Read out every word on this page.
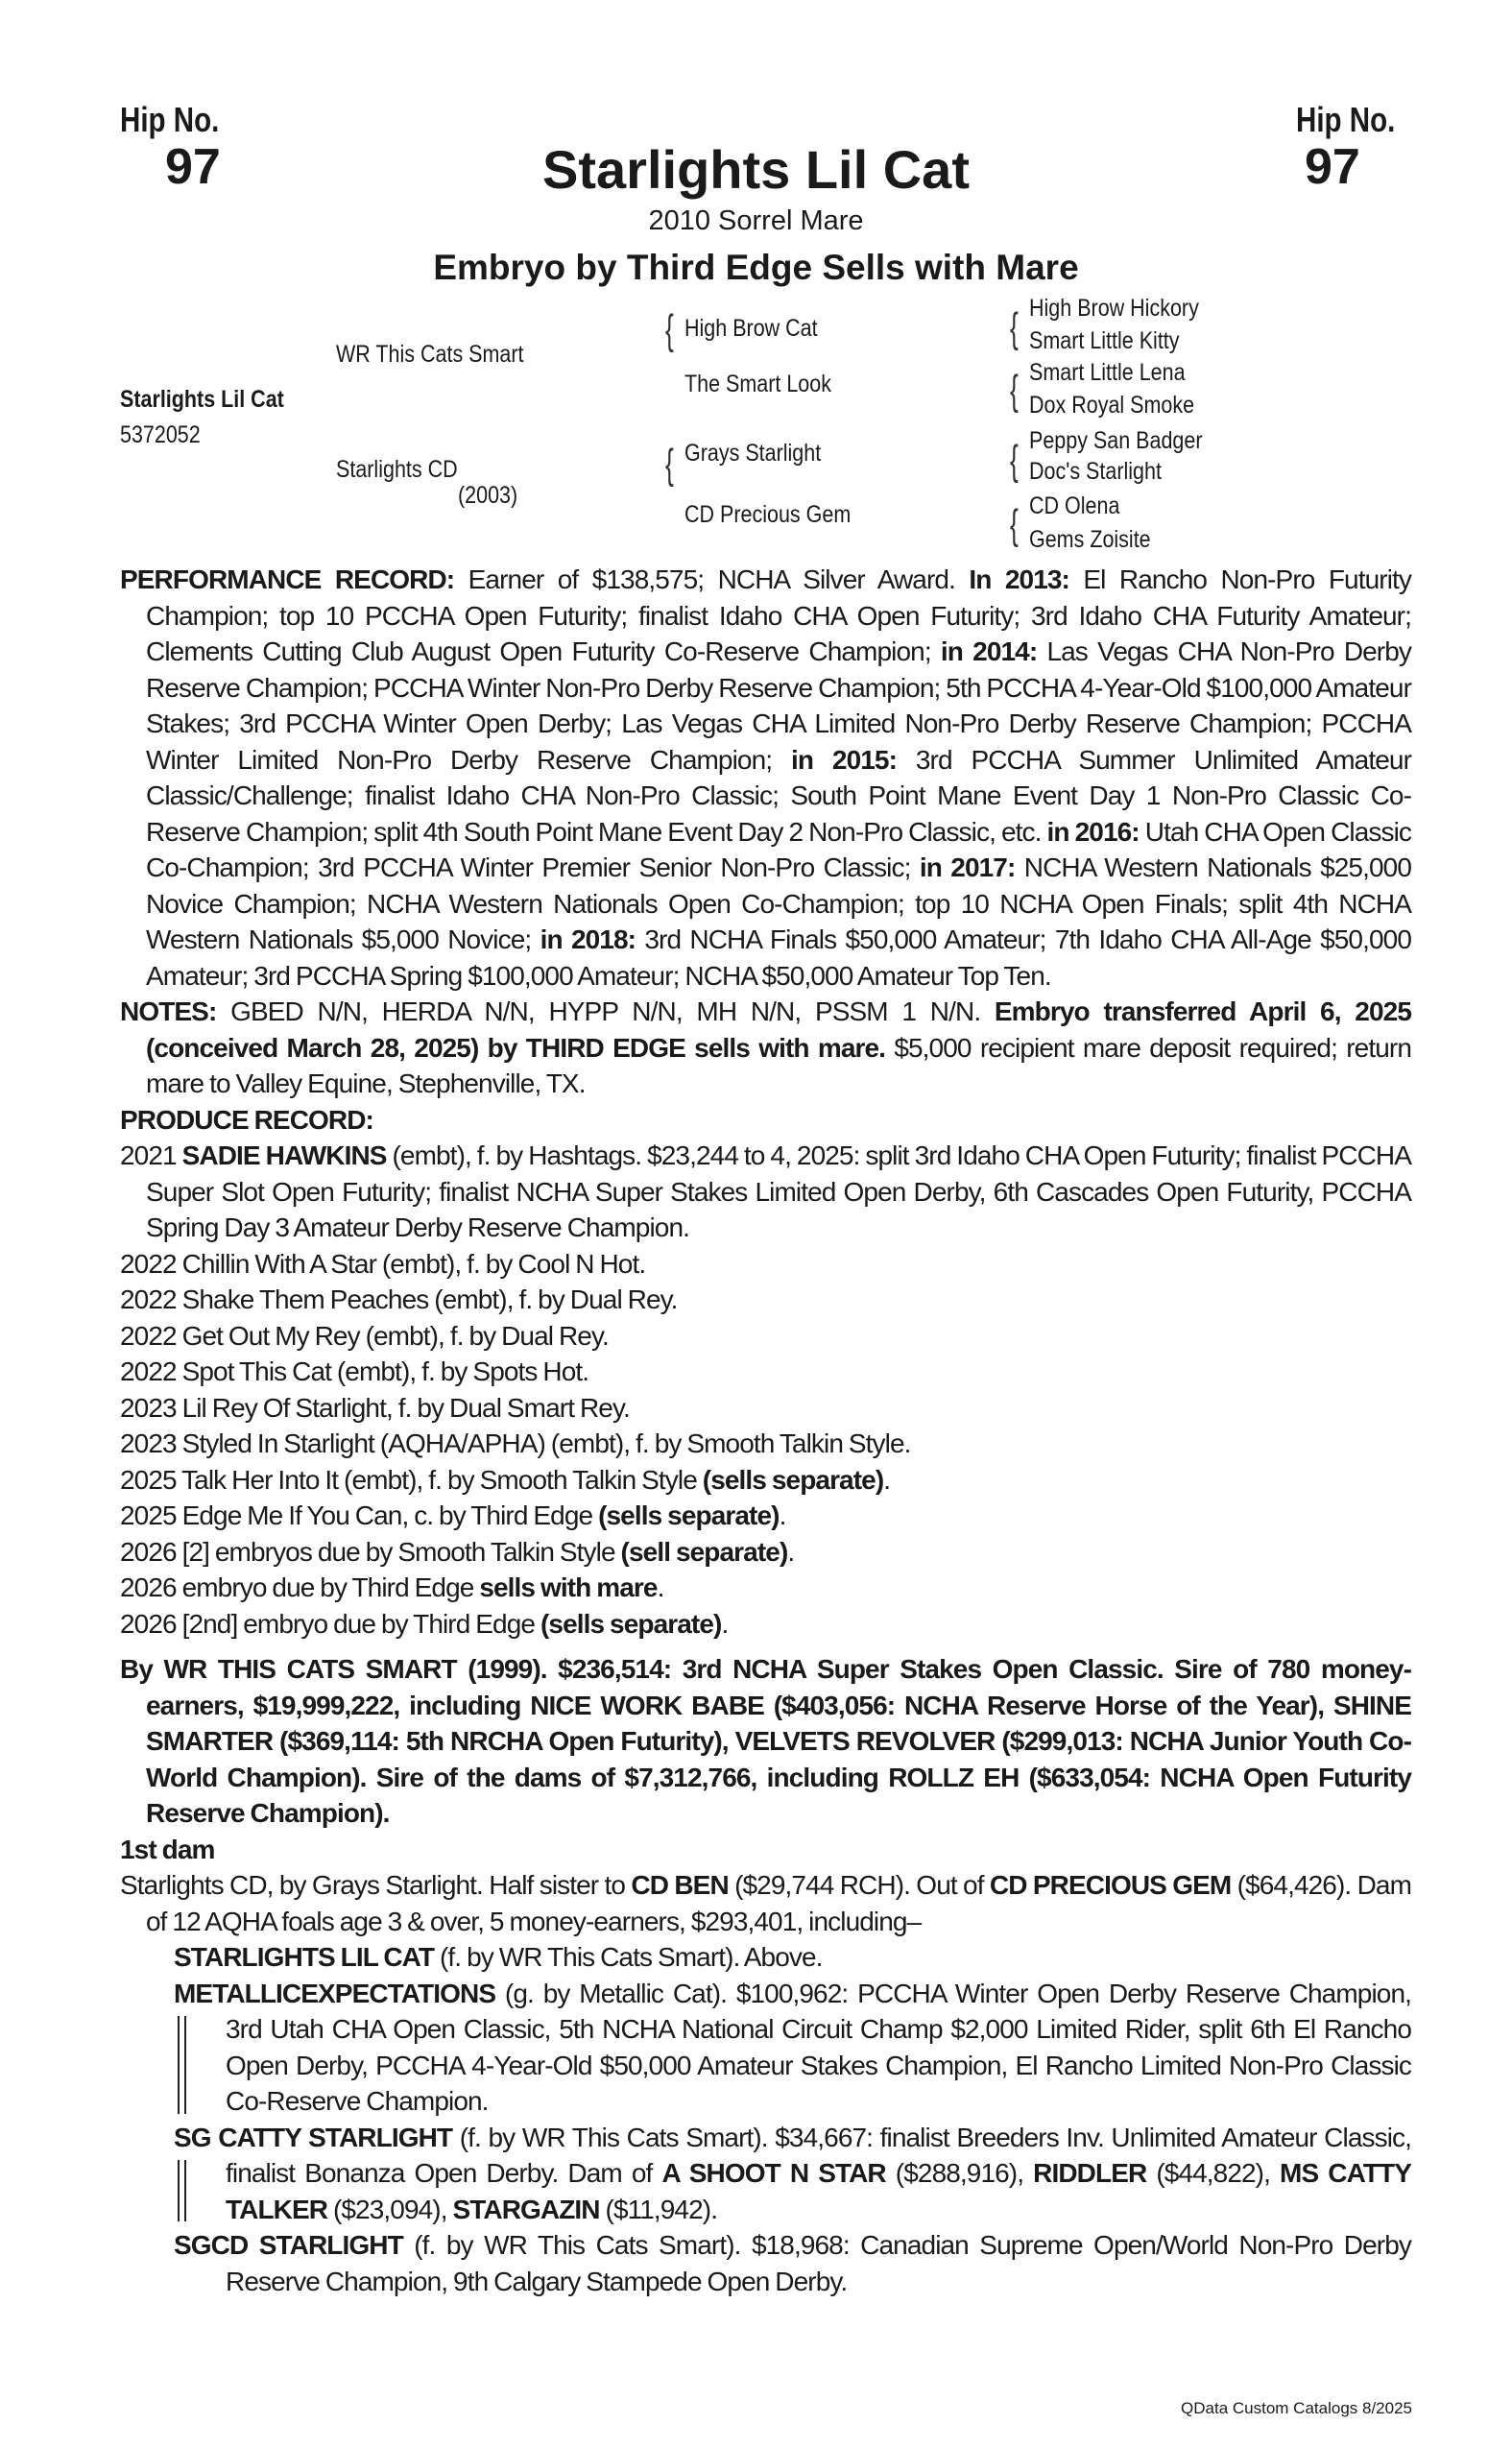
Hip No.
97
Hip No.
97
Starlights Lil Cat
2010 Sorrel Mare
Embryo by Third Edge Sells with Mare
WR This Cats Smart
Starlights Lil Cat
5372052
Starlights CD
(2003)
{ High Brow Cat
The Smart Look
{ Grays Starlight
CD Precious Gem
{ High Brow Hickory
Smart Little Kitty
{ Smart Little Lena
Dox Royal Smoke
{ Peppy San Badger
Doc's Starlight
{ CD Olena
Gems Zoisite

PERFORMANCE RECORD: Earner of $138,575; NCHA Silver Award. In 2013: El Rancho Non-Pro Futurity Champion; top 10 PCCHA Open Futurity; finalist Idaho CHA Open Futurity; 3rd Idaho CHA Futurity Amateur; Clements Cutting Club August Open Futurity Co-Reserve Champion; in 2014: Las Vegas CHA Non-Pro Derby Reserve Champion; PCCHA Winter Non-Pro Derby Reserve Champion; 5th PCCHA 4-Year-Old $100,000 Amateur Stakes; 3rd PCCHA Winter Open Derby; Las Vegas CHA Limited Non-Pro Derby Reserve Champion; PCCHA Winter Limited Non-Pro Derby Reserve Champion; in 2015: 3rd PCCHA Summer Unlimited Amateur Classic/Challenge; finalist Idaho CHA Non-Pro Classic; South Point Mane Event Day 1 Non-Pro Classic Co-Reserve Champion; split 4th South Point Mane Event Day 2 Non-Pro Classic, etc. in 2016: Utah CHA Open Classic Co-Champion; 3rd PCCHA Winter Premier Senior Non-Pro Classic; in 2017: NCHA Western Nationals $25,000 Novice Champion; NCHA Western Nationals Open Co-Champion; top 10 NCHA Open Finals; split 4th NCHA Western Nationals $5,000 Novice; in 2018: 3rd NCHA Finals $50,000 Amateur; 7th Idaho CHA All-Age $50,000 Amateur; 3rd PCCHA Spring $100,000 Amateur; NCHA $50,000 Amateur Top Ten.

NOTES: GBED N/N, HERDA N/N, HYPP N/N, MH N/N, PSSM 1 N/N. Embryo transferred April 6, 2025 (conceived March 28, 2025) by THIRD EDGE sells with mare. $5,000 recipient mare deposit required; return mare to Valley Equine, Stephenville, TX.

PRODUCE RECORD:

2021 SADIE HAWKINS (embt), f. by Hashtags. $23,244 to 4, 2025: split 3rd Idaho CHA Open Futurity; finalist PCCHA Super Slot Open Futurity; finalist NCHA Super Stakes Limited Open Derby, 6th Cascades Open Futurity, PCCHA Spring Day 3 Amateur Derby Reserve Champion.

2022 Chillin With A Star (embt), f. by Cool N Hot.

2022 Shake Them Peaches (embt), f. by Dual Rey.

2022 Get Out My Rey (embt), f. by Dual Rey.

2022 Spot This Cat (embt), f. by Spots Hot.

2023 Lil Rey Of Starlight, f. by Dual Smart Rey.

2023 Styled In Starlight (AQHA/APHA) (embt), f. by Smooth Talkin Style.

2025 Talk Her Into It (embt), f. by Smooth Talkin Style (sells separate).

2025 Edge Me If You Can, c. by Third Edge (sells separate).

2026 [2] embryos due by Smooth Talkin Style (sell separate).

2026 embryo due by Third Edge sells with mare.

2026 [2nd] embryo due by Third Edge (sells separate).

By WR THIS CATS SMART (1999). $236,514: 3rd NCHA Super Stakes Open Classic. Sire of 780 money-earners, $19,999,222, including NICE WORK BABE ($403,056: NCHA Reserve Horse of the Year), SHINE SMARTER ($369,114: 5th NRCHA Open Futurity), VELVETS REVOLVER ($299,013: NCHA Junior Youth Co-World Champion). Sire of the dams of $7,312,766, including ROLLZ EH ($633,054: NCHA Open Futurity Reserve Champion).

1st dam

Starlights CD, by Grays Starlight. Half sister to CD BEN ($29,744 RCH). Out of CD PRECIOUS GEM ($64,426). Dam of 12 AQHA foals age 3 & over, 5 money-earners, $293,401, including–

STARLIGHTS LIL CAT (f. by WR This Cats Smart). Above.

METALLICEXPECTATIONS (g. by Metallic Cat). $100,962: PCCHA Winter Open Derby Reserve Champion, 3rd Utah CHA Open Classic, 5th NCHA National Circuit Champ $2,000 Limited Rider, split 6th El Rancho Open Derby, PCCHA 4-Year-Old $50,000 Amateur Stakes Champion, El Rancho Limited Non-Pro Classic Co-Reserve Champion.

SG CATTY STARLIGHT (f. by WR This Cats Smart). $34,667: finalist Breeders Inv. Unlimited Amateur Classic, finalist Bonanza Open Derby. Dam of A SHOOT N STAR ($288,916), RIDDLER ($44,822), MS CATTY TALKER ($23,094), STARGAZIN ($11,942).

SGCD STARLIGHT (f. by WR This Cats Smart). $18,968: Canadian Supreme Open/World Non-Pro Derby Reserve Champion, 9th Calgary Stampede Open Derby.

QData Custom Catalogs 8/2025
